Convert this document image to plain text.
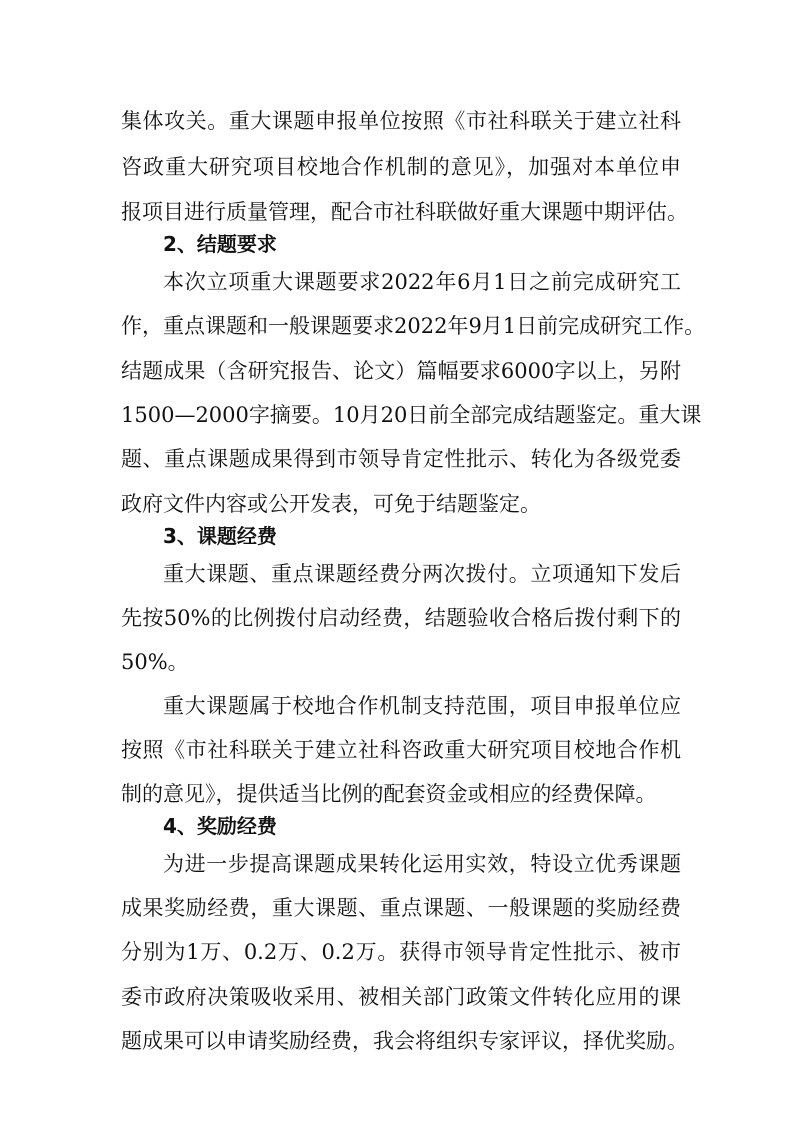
集体攻关。重大课题申报单位按照《市社科联关于建立社科
咨政重大研究项目校地合作机制的意见》，加强对本单位申
报项目进行质量管理，配合市社科联做好重大课题中期评估。
2、结题要求
本次立项重大课题要求2022年6月1日之前完成研究工
作，重点课题和一般课题要求2022年9月1日前完成研究工作。
结题成果（含研究报告、论文）篇幅要求6000字以上，另附
1500—2000字摘要。10月20日前全部完成结题鉴定。重大课
题、重点课题成果得到市领导肯定性批示、转化为各级党委
政府文件内容或公开发表，可免于结题鉴定。
3、课题经费
重大课题、重点课题经费分两次拨付。立项通知下发后
先按50%的比例拨付启动经费，结题验收合格后拨付剩下的
50%。
重大课题属于校地合作机制支持范围，项目申报单位应
按照《市社科联关于建立社科咨政重大研究项目校地合作机
制的意见》，提供适当比例的配套资金或相应的经费保障。
4、奖励经费
为进一步提高课题成果转化运用实效，特设立优秀课题
成果奖励经费，重大课题、重点课题、一般课题的奖励经费
分别为1万、0.2万、0.2万。获得市领导肯定性批示、被市
委市政府决策吸收采用、被相关部门政策文件转化应用的课
题成果可以申请奖励经费，我会将组织专家评议，择优奖励。
